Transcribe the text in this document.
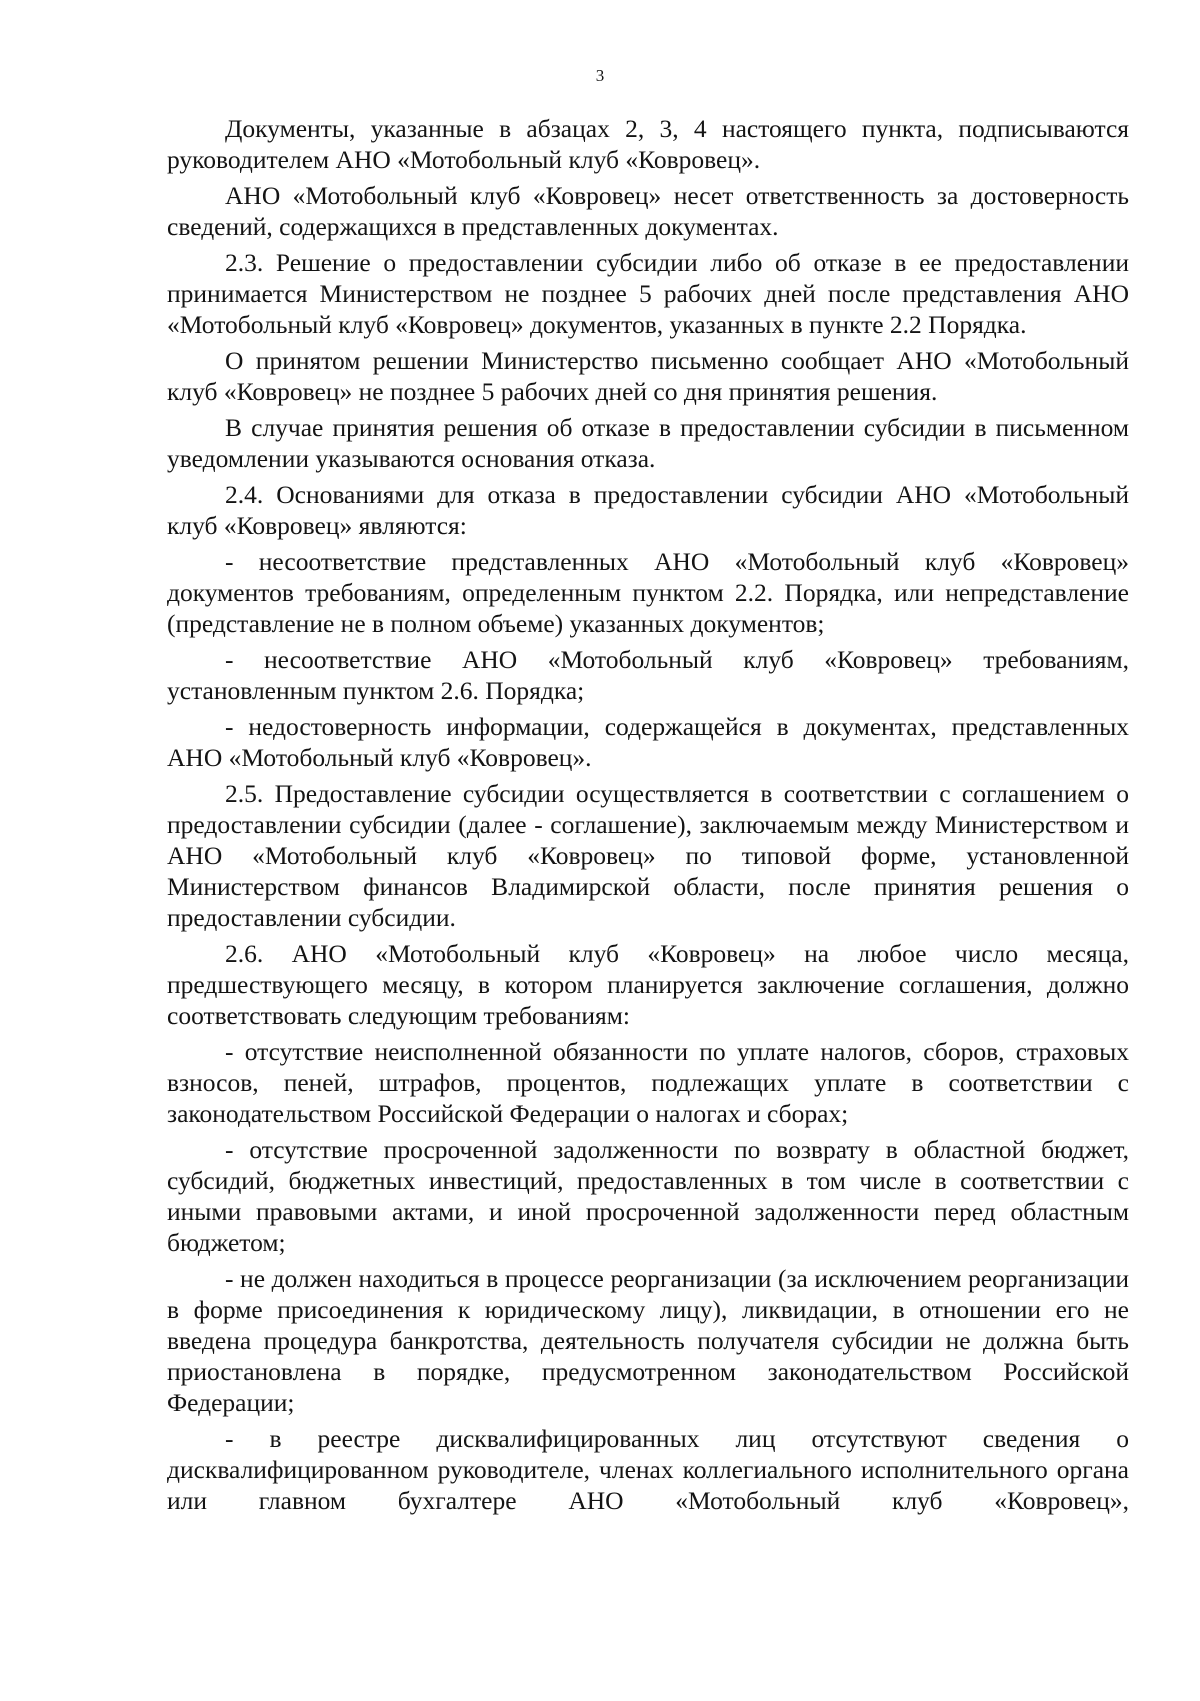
3

Документы, указанные в абзацах 2, 3, 4 настоящего пункта, подписываются руководителем АНО «Мотобольный клуб «Ковровец».

АНО «Мотобольный клуб «Ковровец» несет ответственность за достоверность сведений, содержащихся в представленных документах.

2.3. Решение о предоставлении субсидии либо об отказе в ее предоставлении принимается Министерством не позднее 5 рабочих дней после представления АНО «Мотобольный клуб «Ковровец» документов, указанных в пункте 2.2 Порядка.

О принятом решении Министерство письменно сообщает АНО «Мотобольный клуб «Ковровец» не позднее 5 рабочих дней со дня принятия решения.

В случае принятия решения об отказе в предоставлении субсидии в письменном уведомлении указываются основания отказа.

2.4. Основаниями для отказа в предоставлении субсидии АНО «Мотобольный клуб «Ковровец» являются:

- несоответствие представленных АНО «Мотобольный клуб «Ковровец» документов требованиям, определенным пунктом 2.2. Порядка, или непредставление (представление не в полном объеме) указанных документов;

- несоответствие АНО «Мотобольный клуб «Ковровец» требованиям, установленным пунктом 2.6. Порядка;

- недостоверность информации, содержащейся в документах, представленных АНО «Мотобольный клуб «Ковровец».

2.5. Предоставление субсидии осуществляется в соответствии с соглашением о предоставлении субсидии (далее - соглашение), заключаемым между Министерством и АНО «Мотобольный клуб «Ковровец» по типовой форме, установленной Министерством финансов Владимирской области, после принятия решения о предоставлении субсидии.

2.6. АНО «Мотобольный клуб «Ковровец» на любое число месяца, предшествующего месяцу, в котором планируется заключение соглашения, должно соответствовать следующим требованиям:

- отсутствие неисполненной обязанности по уплате налогов, сборов, страховых взносов, пеней, штрафов, процентов, подлежащих уплате в соответствии с законодательством Российской Федерации о налогах и сборах;

- отсутствие просроченной задолженности по возврату в областной бюджет, субсидий, бюджетных инвестиций, предоставленных в том числе в соответствии с иными правовыми актами, и иной просроченной задолженности перед областным бюджетом;

- не должен находиться в процессе реорганизации (за исключением реорганизации в форме присоединения к юридическому лицу), ликвидации, в отношении его не введена процедура банкротства, деятельность получателя субсидии не должна быть приостановлена в порядке, предусмотренном законодательством Российской Федерации;

- в реестре дисквалифицированных лиц отсутствуют сведения о дисквалифицированном руководителе, членах коллегиального исполнительного органа или главном бухгалтере АНО «Мотобольный клуб «Ковровец»,
